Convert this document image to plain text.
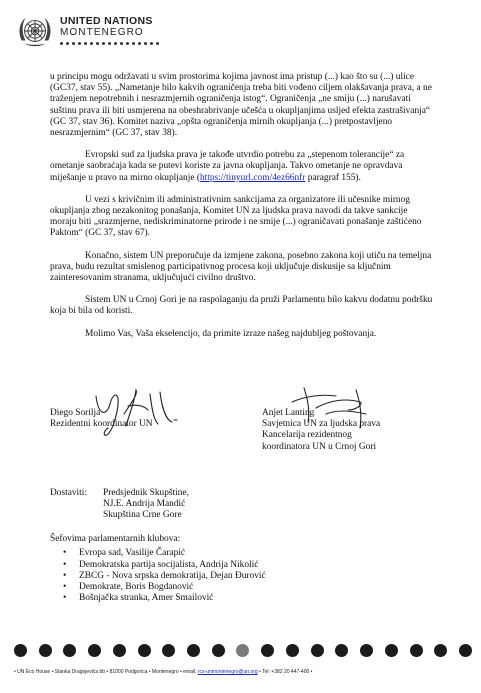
UNITED NATIONS
MONTENEGRO

u principu mogu održavati u svim prostorima kojima javnost ima pristup (...) kao što su (...) ulice (GC37, stav 55). „Nametanje bilo kakvih ograničenja treba biti vođeno ciljem olakšavanja prava, a ne traženjem nepotrebnih i nesrazmjernih ograničenja istog“. Ograničenja „ne smiju (...) narušavati suštinu prava ili biti usmjerena na obeshrabrivanje učešća u okupljanjima usljed efekta zastrašivanja“ (GC 37, stav 36). Komitet naziva „opšta ograničenja mirnih okupljanja (...) pretpostavljeno nesrazmjernim“ (GC 37, stav 38).

Evropski sud za ljudska prava je takođe utvrdio potrebu za „stepenom tolerancije“ za ometanje saobraćaja kada se putevi koriste za javna okupljanja. Takvo ometanje ne opravdava miješanje u pravo na mirno okupljanje (https://tinyurl.com/4ez66nfr paragraf 155).

U vezi s krivičnim ili administrativnim sankcijama za organizatore ili učesnike mirnog okupljanja zbog nezakonitog ponašanja, Komitet UN za ljudska prava navodi da takve sankcije moraju biti „srazmjerne, nediskriminatorne prirode i ne smije (...) ograničavati ponašanje zaštićeno Paktom“ (GC 37, stav 67).

Konačno, sistem UN preporučuje da izmjene zakona, posebno zakona koji utiču na temeljna prava, budu rezultat smislenog participativnog procesa koji uključuje diskusije sa ključnim zainteresovanim stranama, uključujući civilno društvo.

Sistem UN u Crnoj Gori je na raspolaganju da pruži Parlamentu bilo kakvu dodatnu podršku koja bi bila od koristi.

Molimo Vas, Vaša ekselencijo, da primite izraze našeg najdubljeg poštovanja.

Diego Sorilja
Rezidentni koordinator UN
Anjet Lanting
Savjetnica UN za ljudska prava
Kancelarija rezidentnog
koordinatora UN u Crnoj Gori
Dostaviti:	Predsjednik Skupštine,
NJ.E. Andrija Mandić
Skupština Crne Gore
Šefovima parlamentarnih klubova:
• Evropa sad, Vasilije Čarapić
• Demokratska partija socijalista, Andrija Nikolić
• ZBCG - Nova srpska demokratija, Dejan Đurović
• Demokrate, Boris Bogdanović
• Bošnjačka stranka, Amer Smailović
• UN Eco House • Stanka Dragojevića bb • 81000 Podgorica • Montenegro • email: rcs-unmontenegro@un.org • Tel: +382 20 447-400 •
